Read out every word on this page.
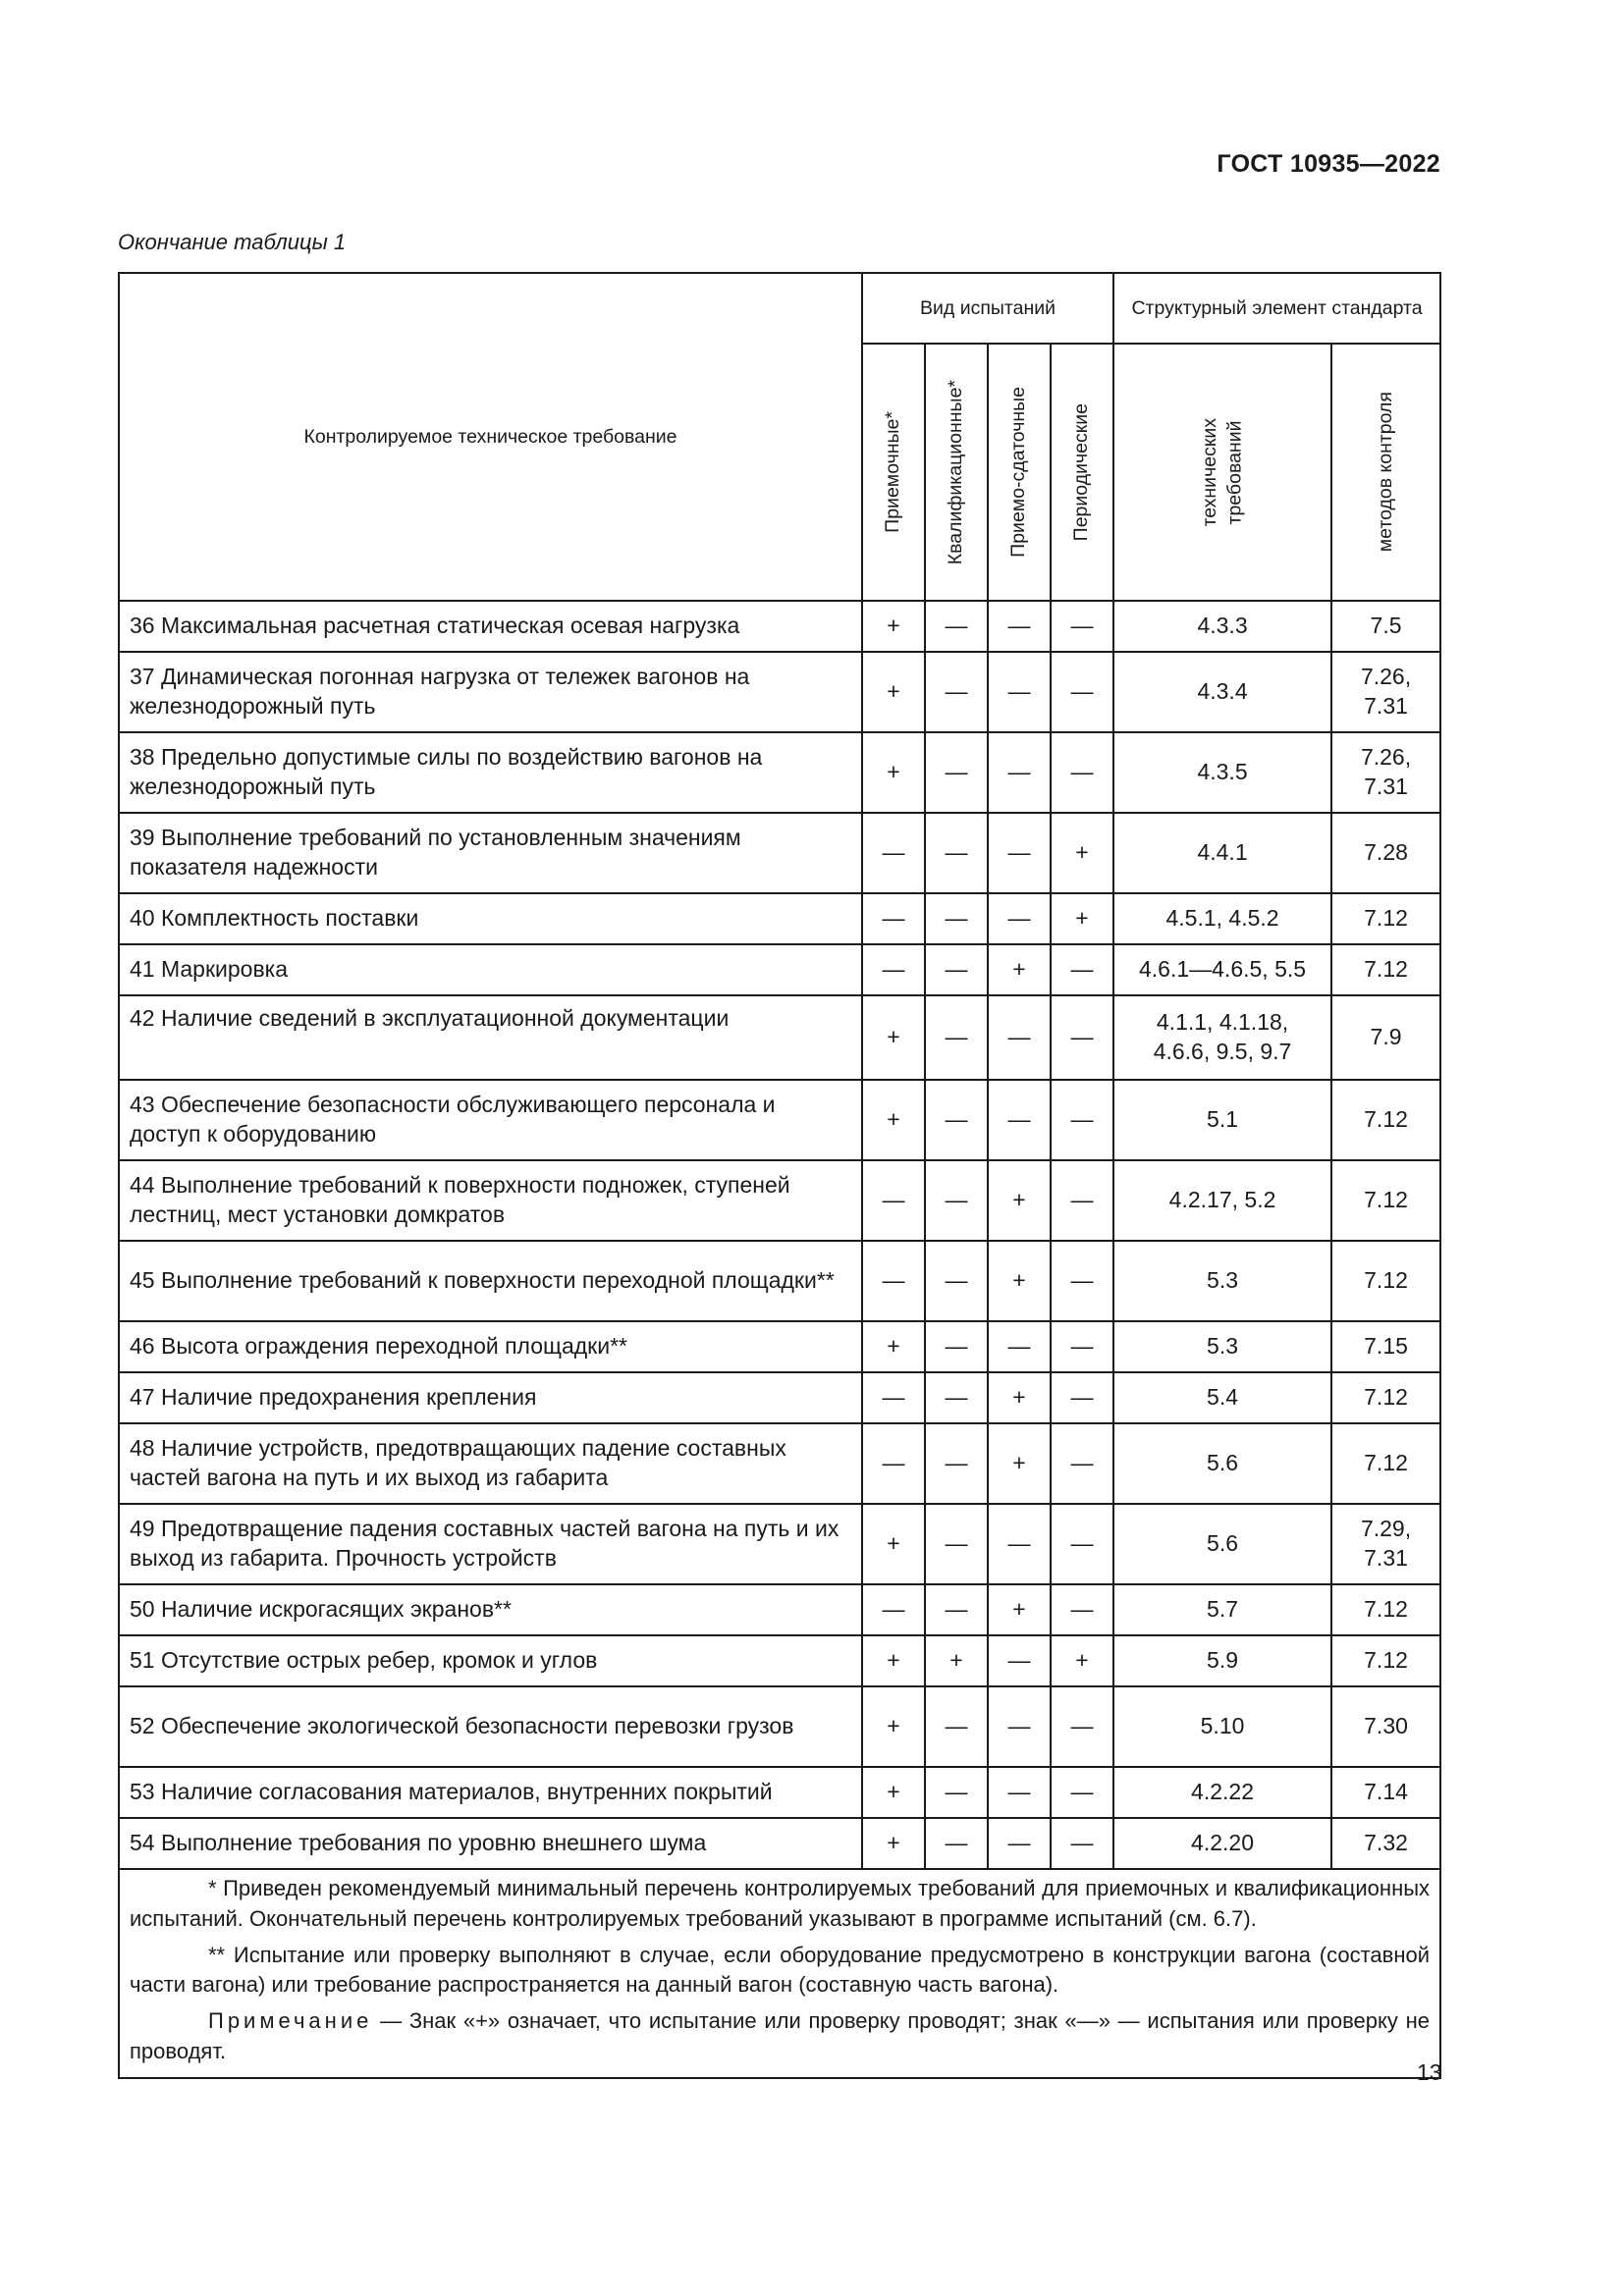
ГОСТ 10935—2022
Окончание таблицы 1
Контролируемое техническое требование	Вид испытаний				Структурный элемент стандарта	

	Приемочные*	Квалификационные*	Приемо-сдаточные	Периодические	технических требований	методов контроля

36 Максимальная расчетная статическая осевая нагрузка	+	—	—	—	4.3.3	7.5
37 Динамическая погонная нагрузка от тележек вагонов на железнодорожный путь	+	—	—	—	4.3.4	7.26, 7.31
38 Предельно допустимые силы по воздействию вагонов на железнодорожный путь	+	—	—	—	4.3.5	7.26, 7.31
39 Выполнение требований по установленным значениям показателя надежности	—	—	—	+	4.4.1	7.28
40 Комплектность поставки	—	—	—	+	4.5.1, 4.5.2	7.12
41 Маркировка	—	—	+	—	4.6.1—4.6.5, 5.5	7.12
42 Наличие сведений в эксплуатационной документации	+	—	—	—	4.1.1, 4.1.18, 4.6.6, 9.5, 9.7	7.9
43 Обеспечение безопасности обслуживающего персонала и доступ к оборудованию	+	—	—	—	5.1	7.12
44 Выполнение требований к поверхности подножек, ступеней лестниц, мест установки домкратов	—	—	+	—	4.2.17, 5.2	7.12
45 Выполнение требований к поверхности переходной площадки**	—	—	+	—	5.3	7.12
46 Высота ограждения переходной площадки**	+	—	—	—	5.3	7.15
47 Наличие предохранения крепления	—	—	+	—	5.4	7.12
48 Наличие устройств, предотвращающих падение составных частей вагона на путь и их выход из габарита	—	—	+	—	5.6	7.12
49 Предотвращение падения составных частей вагона на путь и их выход из габарита. Прочность устройств	+	—	—	—	5.6	7.29, 7.31
50 Наличие искрогасящих экранов**	—	—	+	—	5.7	7.12
51 Отсутствие острых ребер, кромок и углов	+	+	—	+	5.9	7.12
52 Обеспечение экологической безопасности перевозки грузов	+	—	—	—	5.10	7.30
53 Наличие согласования материалов, внутренних покрытий	+	—	—	—	4.2.22	7.14
54 Выполнение требования по уровню внешнего шума	+	—	—	—	4.2.20	7.32

* Приведен рекомендуемый минимальный перечень контролируемых требований для приемочных и квалификационных испытаний. Окончательный перечень контролируемых требований указывают в программе испытаний (см. 6.7).

** Испытание или проверку выполняют в случае, если оборудование предусмотрено в конструкции вагона (составной части вагона) или требование распространяется на данный вагон (составную часть вагона).

Примечание — Знак «+» означает, что испытание или проверку проводят; знак «—» — испытания или проверку не проводят.						

13
